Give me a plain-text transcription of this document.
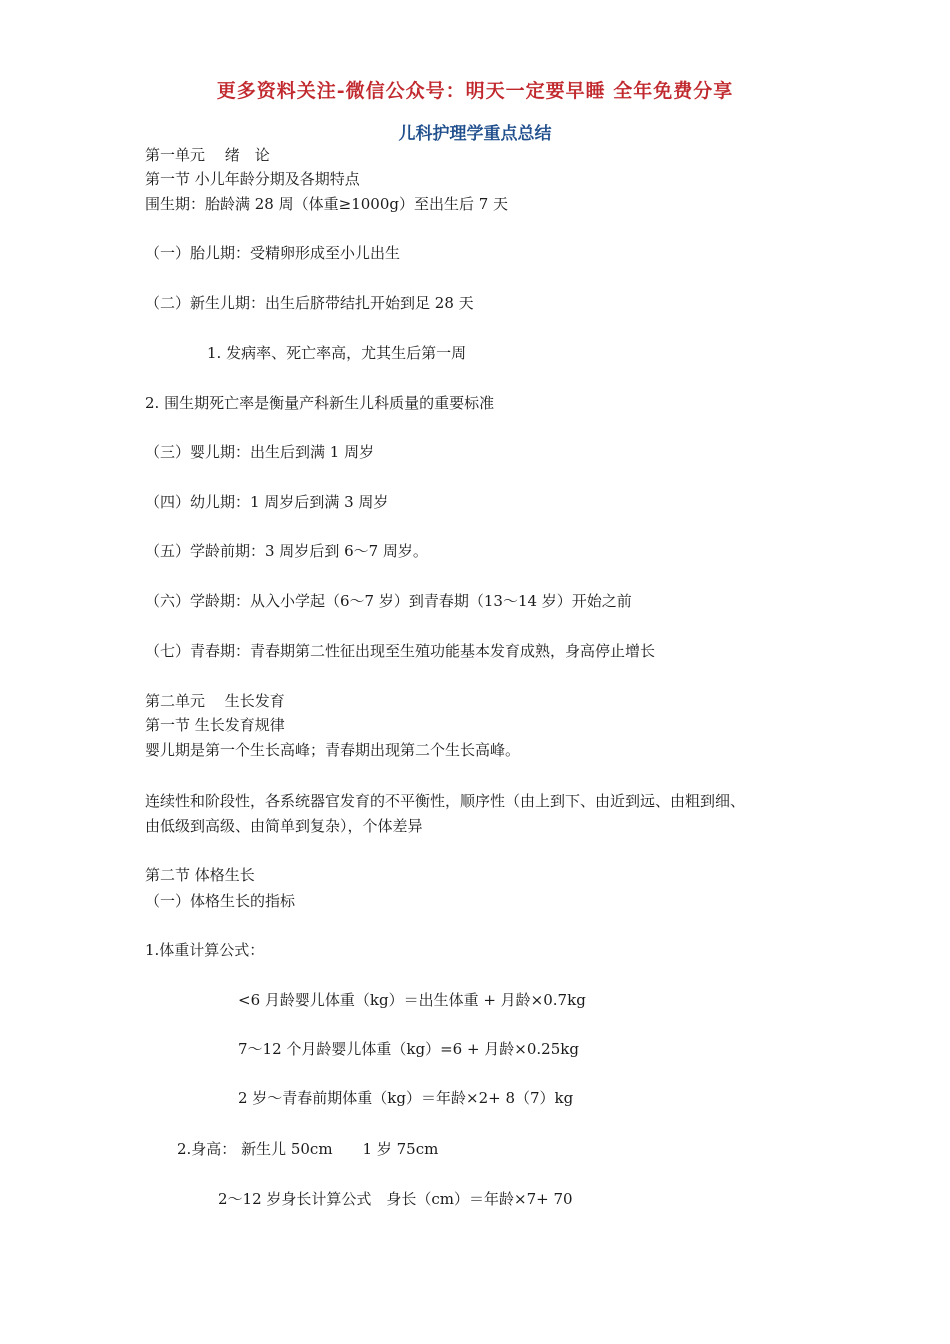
更多资料关注-微信公众号：明天一定要早睡 全年免费分享
儿科护理学重点总结
第一单元　 绪　论
第一节 小儿年龄分期及各期特点
围生期：胎龄满 28 周（体重≥1000g）至出生后 7 天
（一）胎儿期：受精卵形成至小儿出生
（二）新生儿期：出生后脐带结扎开始到足 28 天
1. 发病率、死亡率高，尤其生后第一周
2. 围生期死亡率是衡量产科新生儿科质量的重要标准
（三）婴儿期：出生后到满 1 周岁
（四）幼儿期：1 周岁后到满 3 周岁
（五）学龄前期：3 周岁后到 6～7 周岁。
（六）学龄期：从入小学起（6～7 岁）到青春期（13～14 岁）开始之前
（七）青春期：青春期第二性征出现至生殖功能基本发育成熟，身高停止增长
第二单元　 生长发育
第一节 生长发育规律
婴儿期是第一个生长高峰；青春期出现第二个生长高峰。
连续性和阶段性，各系统器官发育的不平衡性，顺序性（由上到下、由近到远、由粗到细、
由低级到高级、由简单到复杂），个体差异
第二节 体格生长
（一）体格生长的指标
1.体重计算公式：
<6 月龄婴儿体重（kg）＝出生体重 + 月龄×0.7kg
7～12 个月龄婴儿体重（kg）=6 + 月龄×0.25kg
2 岁～青春前期体重（kg）＝年龄×2+ 8（7）kg
2.身高： 新生儿 50cm　　1 岁 75cm
2～12 岁身长计算公式　身长（cm）＝年龄×7+ 70
